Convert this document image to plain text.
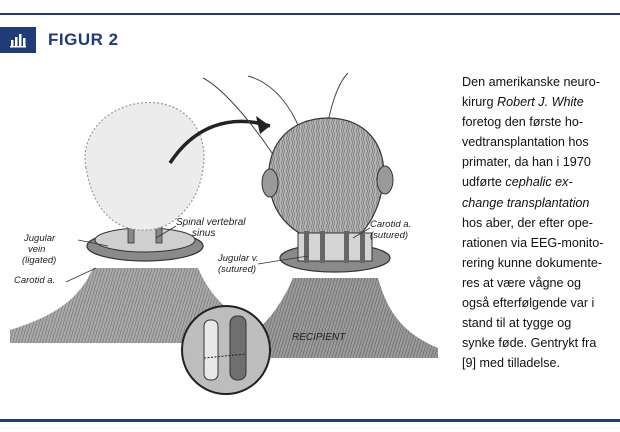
FIGUR 2
Jugular
vein
(ligated)
Carotid a.
Spinal vertebral
sinus
Carotid a.
(sutured)
Jugular v.
(sutured)
RECIPIENT

Den amerikanske neuro-
kirurg Robert J. White
foretog den første ho-
vedtransplantation hos
primater, da han i 1970
udførte cephalic ex-
change transplantation
hos aber, der efter ope-
rationen via EEG-monito-
rering kunne dokumente-
res at være vågne og
også efterfølgende var i
stand til at tygge og
synke føde. Gentrykt fra
[9] med tilladelse.
